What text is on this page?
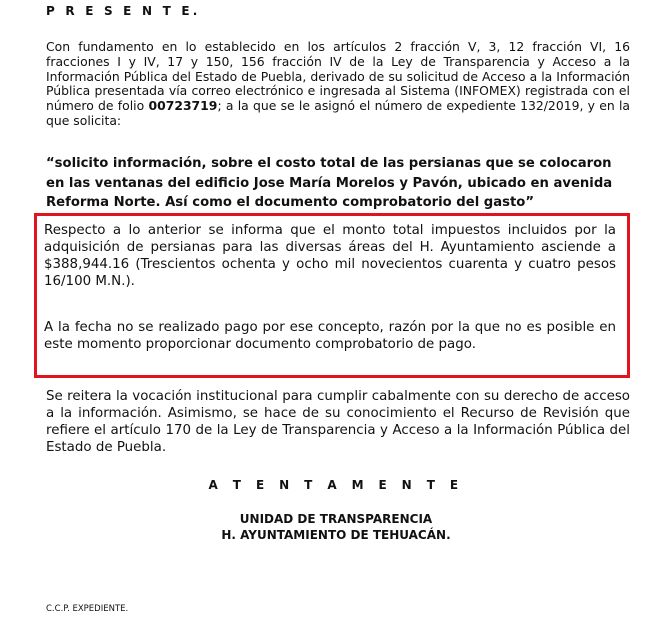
P R E S E N T E.

Con fundamento en lo establecido en los artículos 2 fracción V, 3, 12 fracción VI, 16 fracciones I y IV, 17 y 150, 156 fracción IV de la Ley de Transparencia y Acceso a la Información Pública del Estado de Puebla, derivado de su solicitud de Acceso a la Información Pública presentada vía correo electrónico e ingresada al Sistema (INFOMEX) registrada con el número de folio 00723719; a la que se le asignó el número de expediente 132/2019, y en la que solicita:

“solicito información, sobre el costo total de las persianas que se colocaron en las ventanas del edificio Jose María Morelos y Pavón, ubicado en avenida Reforma Norte. Así como el documento comprobatorio del gasto”

Respecto a lo anterior se informa que el monto total impuestos incluidos por la adquisición de persianas para las diversas áreas del H. Ayuntamiento asciende a $388,944.16 (Trescientos ochenta y ocho mil novecientos cuarenta y cuatro pesos 16/100 M.N.).

A la fecha no se realizado pago por ese concepto, razón por la que no es posible en este momento proporcionar documento comprobatorio de pago.

Se reitera la vocación institucional para cumplir cabalmente con su derecho de acceso a la información. Asimismo, se hace de su conocimiento el Recurso de Revisión que refiere el artículo 170 de la Ley de Transparencia y Acceso a la Información Pública del Estado de Puebla.

A T E N T A M E N T E
UNIDAD DE TRANSPARENCIA
H. AYUNTAMIENTO DE TEHUACÁN.
C.C.P. EXPEDIENTE.
